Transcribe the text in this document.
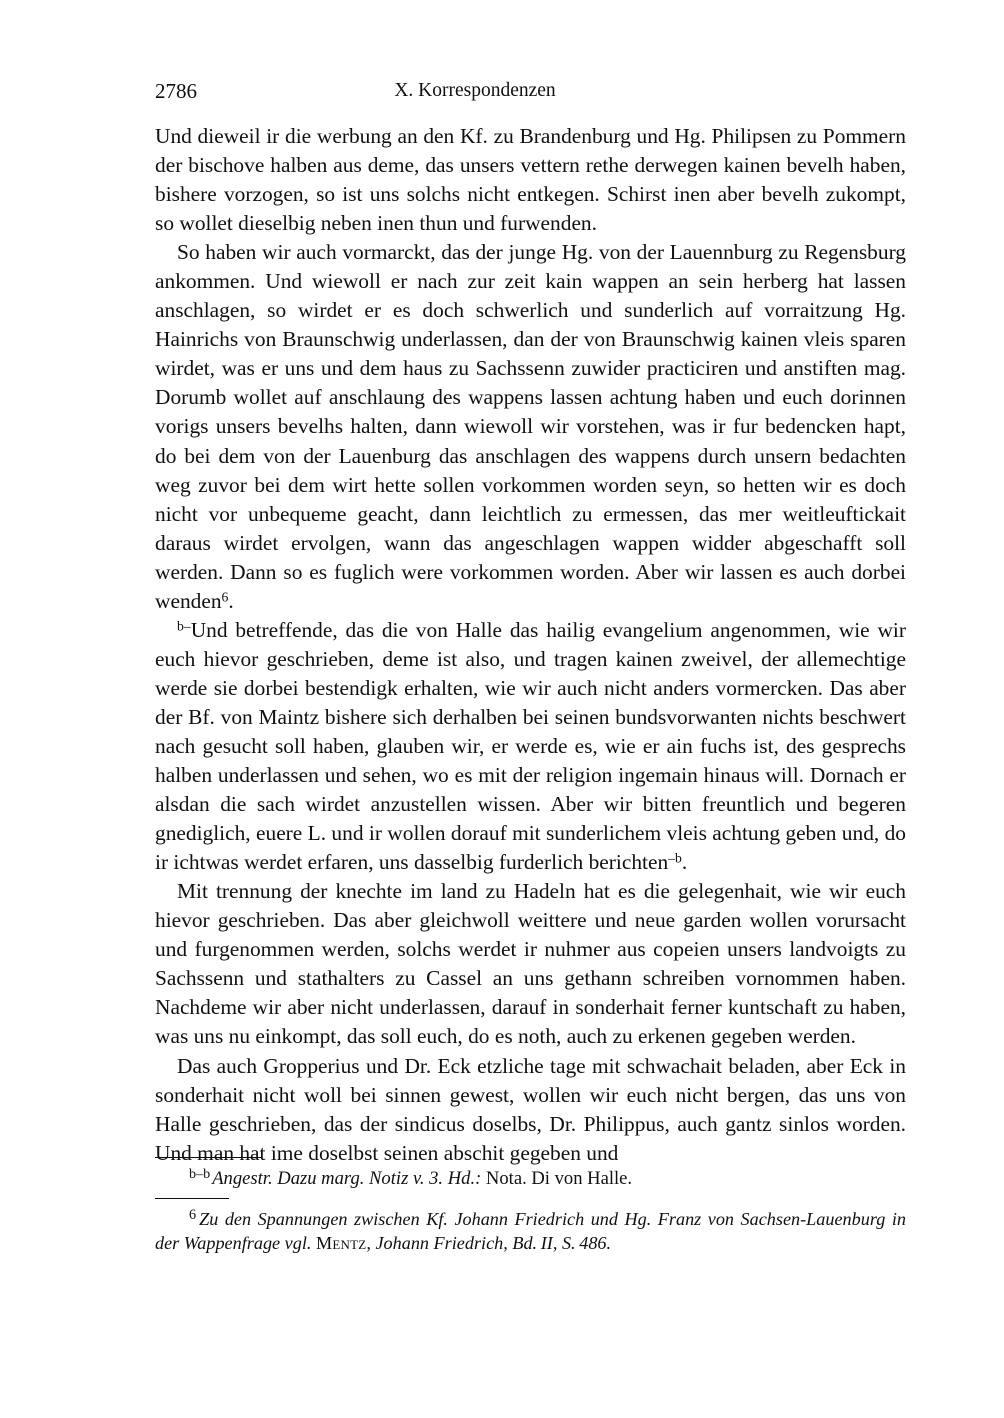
X. Korrespondenzen
2786

Und dieweil ir die werbung an den Kf. zu Brandenburg und Hg. Philipsen zu Pommern der bischove halben aus deme, das unsers vettern rethe derwegen kainen bevelh haben, bishere vorzogen, so ist uns solchs nicht entkegen. Schirst inen aber bevelh zukompt, so wollet dieselbig neben inen thun und furwenden.

So haben wir auch vormarckt, das der junge Hg. von der Lauennburg zu Regensburg ankommen. Und wiewoll er nach zur zeit kain wappen an sein herberg hat lassen anschlagen, so wirdet er es doch schwerlich und sunderlich auf vorraitzung Hg. Hainrichs von Braunschwig underlassen, dan der von Braunschwig kainen vleis sparen wirdet, was er uns und dem haus zu Sachssenn zuwider practiciren und anstiften mag. Dorumb wollet auf anschlaung des wappens lassen achtung haben und euch dorinnen vorigs unsers bevelhs halten, dann wiewoll wir vorstehen, was ir fur bedencken hapt, do bei dem von der Lauenburg das anschlagen des wappens durch unsern bedachten weg zuvor bei dem wirt hette sollen vorkommen worden seyn, so hetten wir es doch nicht vor unbequeme geacht, dann leichtlich zu ermessen, das mer weitleuftickait daraus wirdet ervolgen, wann das angeschlagen wappen widder abgeschafft soll werden. Dann so es fuglich were vorkommen worden. Aber wir lassen es auch dorbei wenden$^6$.

$^{b-}$Und betreffende, das die von Halle das hailig evangelium angenommen, wie wir euch hievor geschrieben, deme ist also, und tragen kainen zweivel, der allemechtige werde sie dorbei bestendigk erhalten, wie wir auch nicht anders vormercken. Das aber der Bf. von Maintz bishere sich derhalben bei seinen bundsvorwanten nichts beschwert nach gesucht soll haben, glauben wir, er werde es, wie er ain fuchs ist, des gesprechs halben underlassen und sehen, wo es mit der religion ingemain hinaus will. Dornach er alsdan die sach wirdet anzustellen wissen. Aber wir bitten freuntlich und begeren gnediglich, euere L. und ir wollen dorauf mit sunderlichem vleis achtung geben und, do ir ichtwas werdet erfaren, uns dasselbig furderlich berichten$^{-b}$.

Mit trennung der knechte im land zu Hadeln hat es die gelegenhait, wie wir euch hievor geschrieben. Das aber gleichwoll weittere und neue garden wollen vorursacht und furgenommen werden, solchs werdet ir nuhmer aus copeien unsers landvoigts zu Sachssenn und stathalters zu Cassel an uns gethann schreiben vornommen haben. Nachdeme wir aber nicht underlassen, darauf in sonderhait ferner kuntschaft zu haben, was uns nu einkompt, das soll euch, do es noth, auch zu erkenen gegeben werden.

Das auch Gropperius und Dr. Eck etzliche tage mit schwachait beladen, aber Eck in sonderhait nicht woll bei sinnen gewest, wollen wir euch nicht bergen, das uns von Halle geschrieben, das der sindicus doselbs, Dr. Philippus, auch gantz sinlos worden. Und man hat ime doselbst seinen abschit gegeben und

$^{b-b}$ Angestr. Dazu marg. Notiz v. 3. Hd.: Nota. Di von Halle.

$^6$ Zu den Spannungen zwischen Kf. Johann Friedrich und Hg. Franz von Sachsen-Lauenburg in der Wappenfrage vgl. Mentz, Johann Friedrich, Bd. II, S. 486.
